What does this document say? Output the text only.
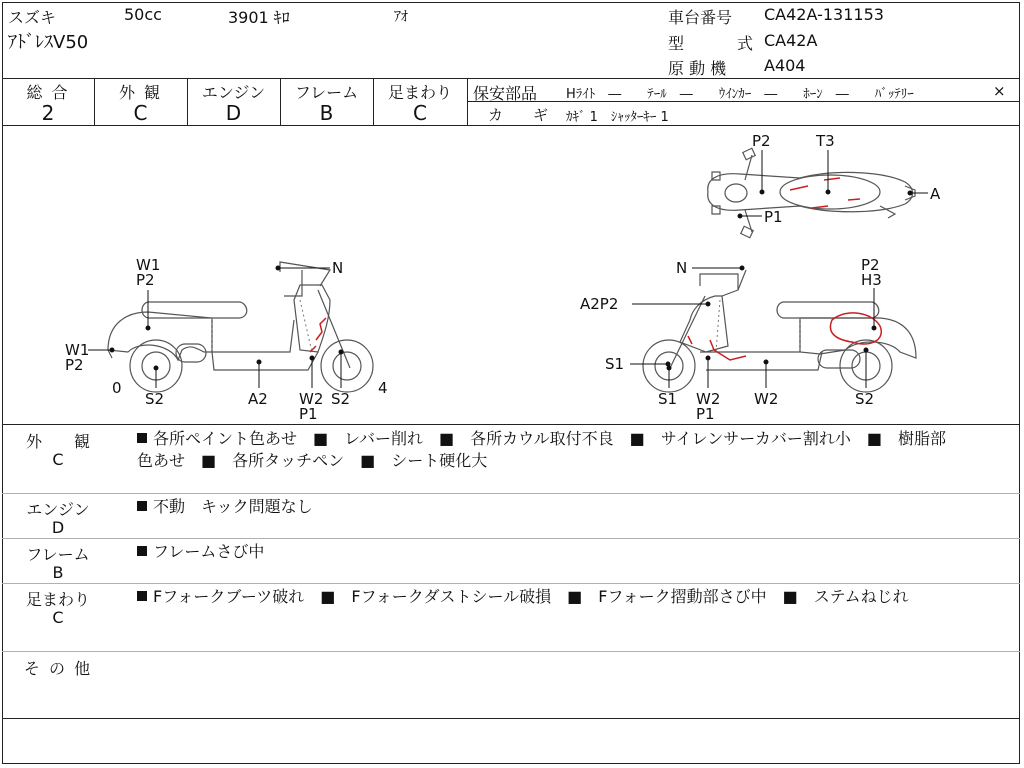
スズキ	50cc	3901 ｷﾛ	ｱｵ
ｱﾄﾞﾚｽV50
車台番号 CA42A-131153
型	式 CA42A
原 動 機 A404
総 合
2
外 観
C
エンジン
D
フレーム
B
足まわり
C
保安部品 Hﾗｲﾄ　―　　ﾃｰﾙ　―　　ｳｲﾝｶｰ　―　　ﾎｰﾝ　―　　ﾊﾞｯﾃﾘｰ	×
カ　　ギ ｶｷﾞ 1　ｼｬｯﾀｰｷｰ 1
P2	T3
A
P1
W1
P2
N
W1
P2
0
S2	A2 W2
P1
S2
4
N	P2
H3
A2P2
S1
S1 W2
P1
W2	S2
外　　観
C
各所ペイント色あせ　■　レバー削れ　■　各所カウル取付不良　■　サイレンサーカバー割れ小　■　樹脂部
色あせ　■　各所タッチペン　■　シート硬化大
エンジン
D
不動　キック問題なし
フレーム
B
フレームさび中
足まわり
C
Fフォークブーツ破れ　■　Fフォークダストシール破損　■　Fフォーク摺動部さび中　■　ステムねじれ
そ の 他
